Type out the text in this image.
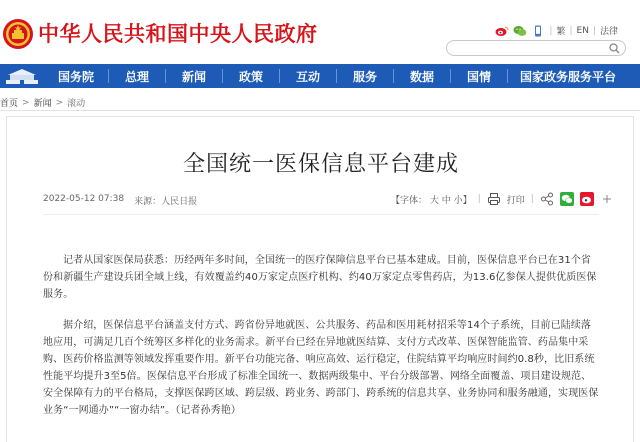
中华人民共和国中央人民政府	| 繁 | EN | 法律
国务院	总理	新闻	政策	互动	服务	数据	国情	国家政务服务平台
首页 > 新闻 > 滚动
全国统一医保信息平台建成
2022-05-12 07:38 来源：人民日报	【字体： 大 中 小】 |	打印 |

记者从国家医保局获悉：历经两年多时间，全国统一的医疗保障信息平台已基本建成。目前，医保信息平台已在31个省份和新疆生产建设兵团全域上线，有效覆盖约40万家定点医疗机构、约40万家定点零售药店，为13.6亿参保人提供优质医保服务。

据介绍，医保信息平台涵盖支付方式、跨省份异地就医、公共服务、药品和医用耗材招采等14个子系统，目前已陆续落地应用，可满足几百个统筹区多样化的业务需求。新平台已经在异地就医结算、支付方式改革、医保智能监管、药品集中采购、医药价格监测等领域发挥重要作用。新平台功能完备、响应高效、运行稳定，住院结算平均响应时间约0.8秒，比旧系统性能平均提升3至5倍。医保信息平台形成了标准全国统一、数据两级集中、平台分级部署、网络全面覆盖、项目建设规范、安全保障有力的平台格局，支撑医保跨区域、跨层级、跨业务、跨部门、跨系统的信息共享、业务协同和服务融通，实现医保业务“一网通办”“一窗办结”。（记者孙秀艳）
